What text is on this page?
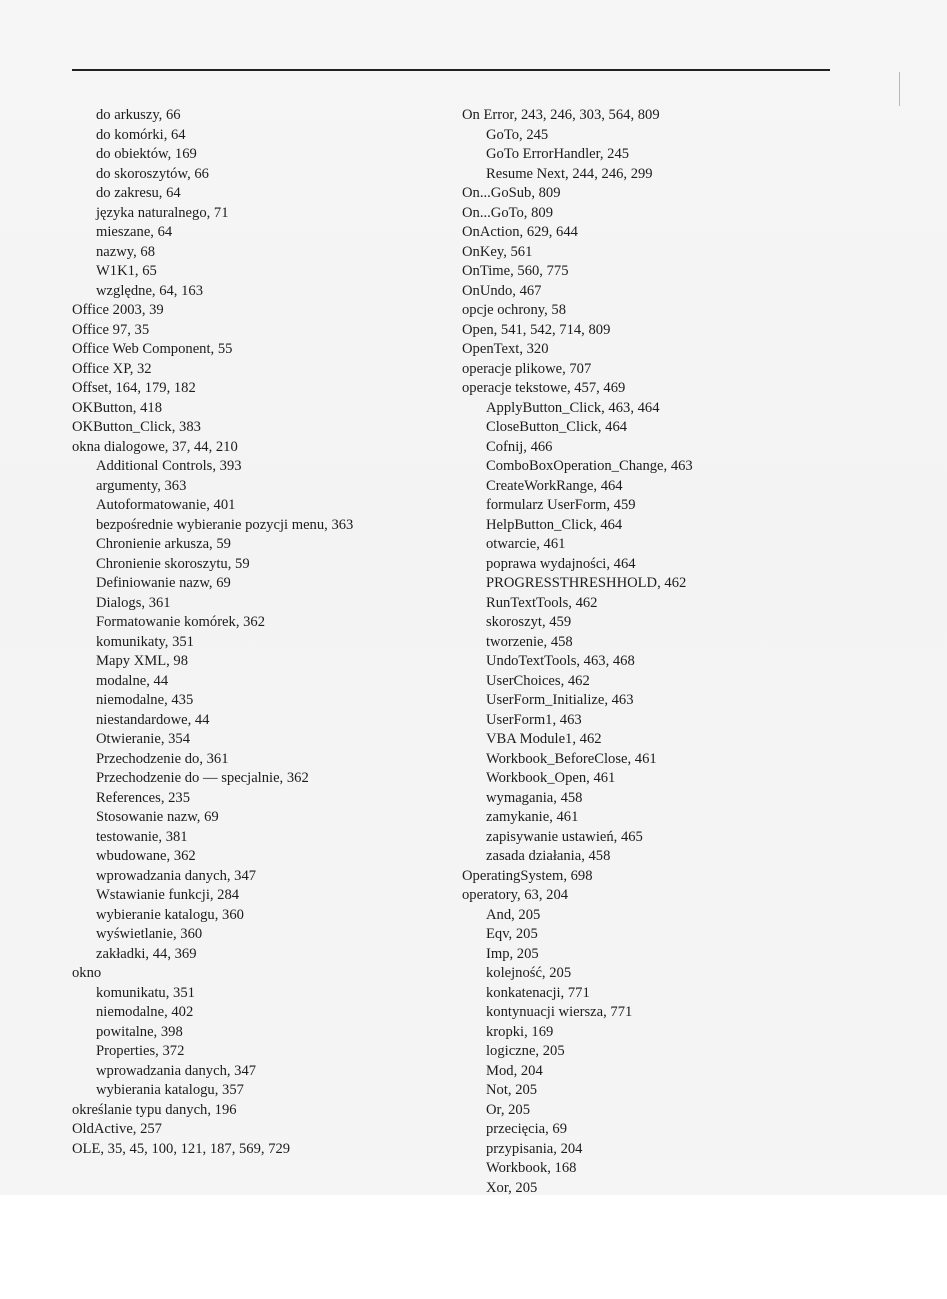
do arkuszy, 66
do komórki, 64
do obiektów, 169
do skoroszytów, 66
do zakresu, 64
języka naturalnego, 71
mieszane, 64
nazwy, 68
W1K1, 65
względne, 64, 163
Office 2003, 39
Office 97, 35
Office Web Component, 55
Office XP, 32
Offset, 164, 179, 182
OKButton, 418
OKButton_Click, 383
okna dialogowe, 37, 44, 210
Additional Controls, 393
argumenty, 363
Autoformatowanie, 401
bezpośrednie wybieranie pozycji menu, 363
Chronienie arkusza, 59
Chronienie skoroszytu, 59
Definiowanie nazw, 69
Dialogs, 361
Formatowanie komórek, 362
komunikaty, 351
Mapy XML, 98
modalne, 44
niemodalne, 435
niestandardowe, 44
Otwieranie, 354
Przechodzenie do, 361
Przechodzenie do — specjalnie, 362
References, 235
Stosowanie nazw, 69
testowanie, 381
wbudowane, 362
wprowadzania danych, 347
Wstawianie funkcji, 284
wybieranie katalogu, 360
wyświetlanie, 360
zakładki, 44, 369
okno
komunikatu, 351
niemodalne, 402
powitalne, 398
Properties, 372
wprowadzania danych, 347
wybierania katalogu, 357
określanie typu danych, 196
OldActive, 257
OLE, 35, 45, 100, 121, 187, 569, 729
On Error, 243, 246, 303, 564, 809
GoTo, 245
GoTo ErrorHandler, 245
Resume Next, 244, 246, 299
On...GoSub, 809
On...GoTo, 809
OnAction, 629, 644
OnKey, 561
OnTime, 560, 775
OnUndo, 467
opcje ochrony, 58
Open, 541, 542, 714, 809
OpenText, 320
operacje plikowe, 707
operacje tekstowe, 457, 469
ApplyButton_Click, 463, 464
CloseButton_Click, 464
Cofnij, 466
ComboBoxOperation_Change, 463
CreateWorkRange, 464
formularz UserForm, 459
HelpButton_Click, 464
otwarcie, 461
poprawa wydajności, 464
PROGRESSTHRESHHOLD, 462
RunTextTools, 462
skoroszyt, 459
tworzenie, 458
UndoTextTools, 463, 468
UserChoices, 462
UserForm_Initialize, 463
UserForm1, 463
VBA Module1, 462
Workbook_BeforeClose, 461
Workbook_Open, 461
wymagania, 458
zamykanie, 461
zapisywanie ustawień, 465
zasada działania, 458
OperatingSystem, 698
operatory, 63, 204
And, 205
Eqv, 205
Imp, 205
kolejność, 205
konkatenacji, 771
kontynuacji wiersza, 771
kropki, 169
logiczne, 205
Mod, 204
Not, 205
Or, 205
przecięcia, 69
przypisania, 204
Workbook, 168
Xor, 205
